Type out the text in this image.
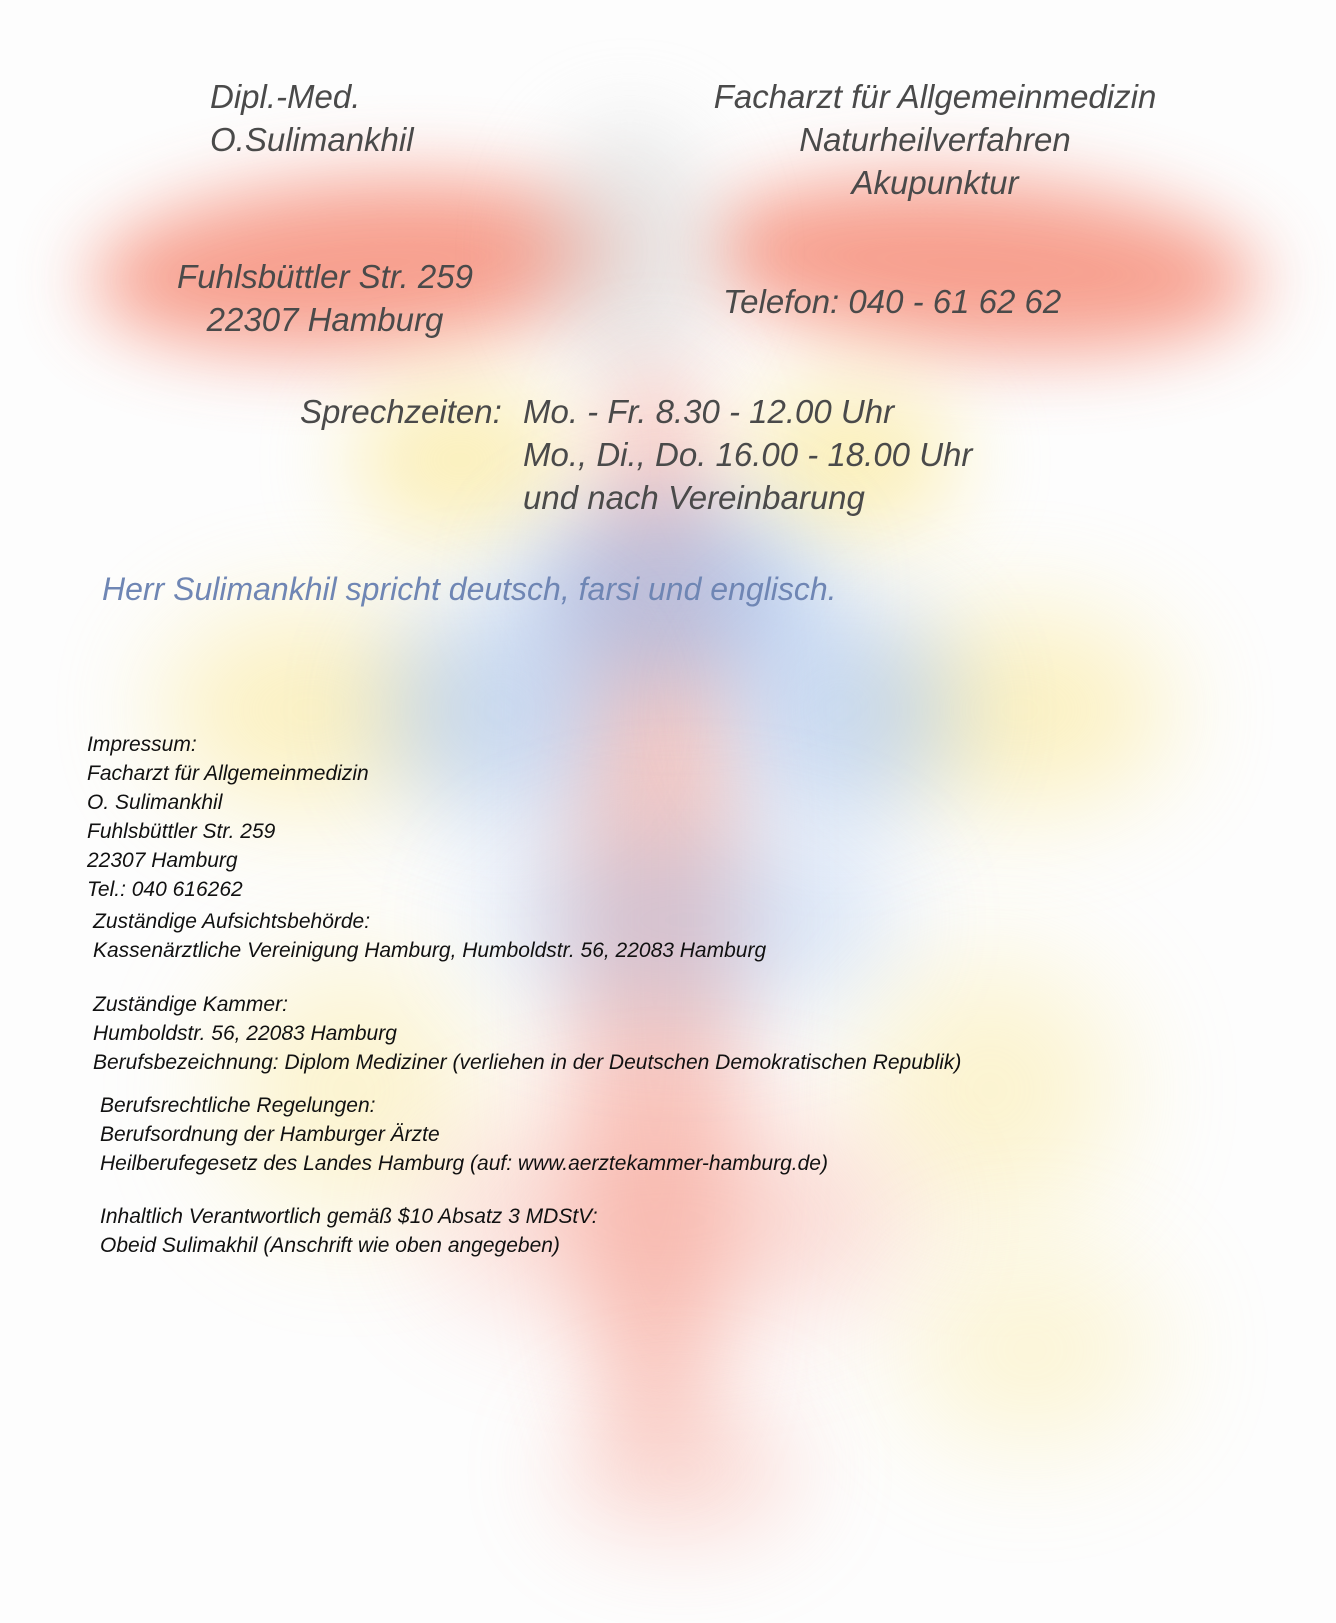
Dipl.-Med.
O.Sulimankhil
Facharzt für Allgemeinmedizin
Naturheilverfahren
Akupunktur
Fuhlsbüttler Str. 259
22307 Hamburg	Telefon: 040 - 61 62 62
Sprechzeiten: Mo. - Fr. 8.30 - 12.00 Uhr
Mo., Di., Do. 16.00 - 18.00 Uhr
und nach Vereinbarung
Herr Sulimankhil spricht deutsch, farsi und englisch.
Impressum:
Facharzt für Allgemeinmedizin
O. Sulimankhil
Fuhlsbüttler Str. 259
22307 Hamburg
Tel.: 040 616262
Zuständige Aufsichtsbehörde:
Kassenärztliche Vereinigung Hamburg, Humboldstr. 56, 22083 Hamburg
Zuständige Kammer:
Humboldstr. 56, 22083 Hamburg
Berufsbezeichnung: Diplom Mediziner (verliehen in der Deutschen Demokratischen Republik)
Berufsrechtliche Regelungen:
Berufsordnung der Hamburger Ärzte
Heilberufegesetz des Landes Hamburg (auf: www.aerztekammer-hamburg.de)
Inhaltlich Verantwortlich gemäß $10 Absatz 3 MDStV:
Obeid Sulimakhil (Anschrift wie oben angegeben)
